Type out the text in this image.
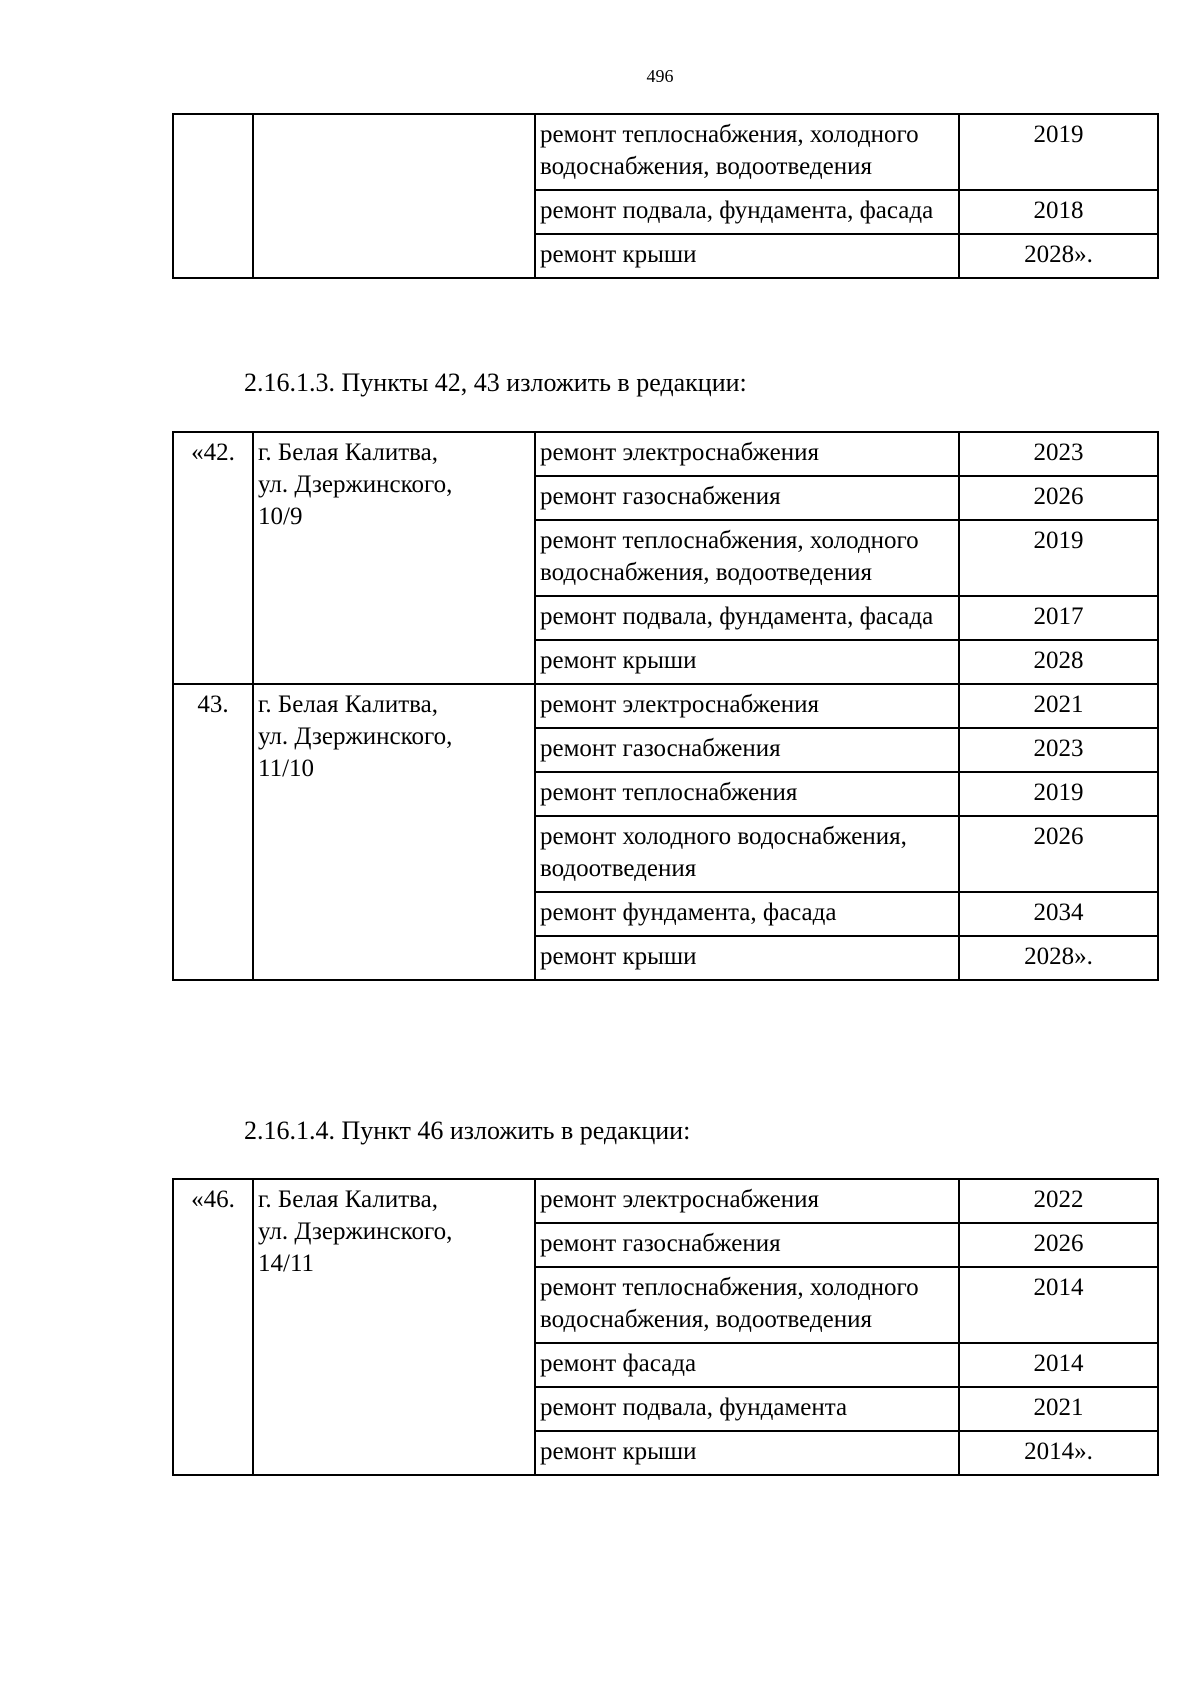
496
		ремонт теплоснабжения, холодного водоснабжения, водоотведения	2019
		ремонт подвала, фундамента, фасада	2018
		ремонт крыши	2028».
2.16.1.3. Пункты 42, 43 изложить в редакции:
«42.	г. Белая Калитва,
ул. Дзержинского,
10/9	ремонт электроснабжения	2023
		ремонт газоснабжения	2026
		ремонт теплоснабжения, холодного водоснабжения, водоотведения	2019
		ремонт подвала, фундамента, фасада	2017
		ремонт крыши	2028
43.	г. Белая Калитва,
ул. Дзержинского,
11/10	ремонт электроснабжения	2021
		ремонт газоснабжения	2023
		ремонт теплоснабжения	2019
		ремонт холодного водоснабжения, водоотведения	2026
		ремонт фундамента, фасада	2034
		ремонт крыши	2028».
2.16.1.4. Пункт 46 изложить в редакции:
«46.	г. Белая Калитва,
ул. Дзержинского,
14/11	ремонт электроснабжения	2022
		ремонт газоснабжения	2026
		ремонт теплоснабжения, холодного водоснабжения, водоотведения	2014
		ремонт фасада	2014
		ремонт подвала, фундамента	2021
		ремонт крыши	2014».
